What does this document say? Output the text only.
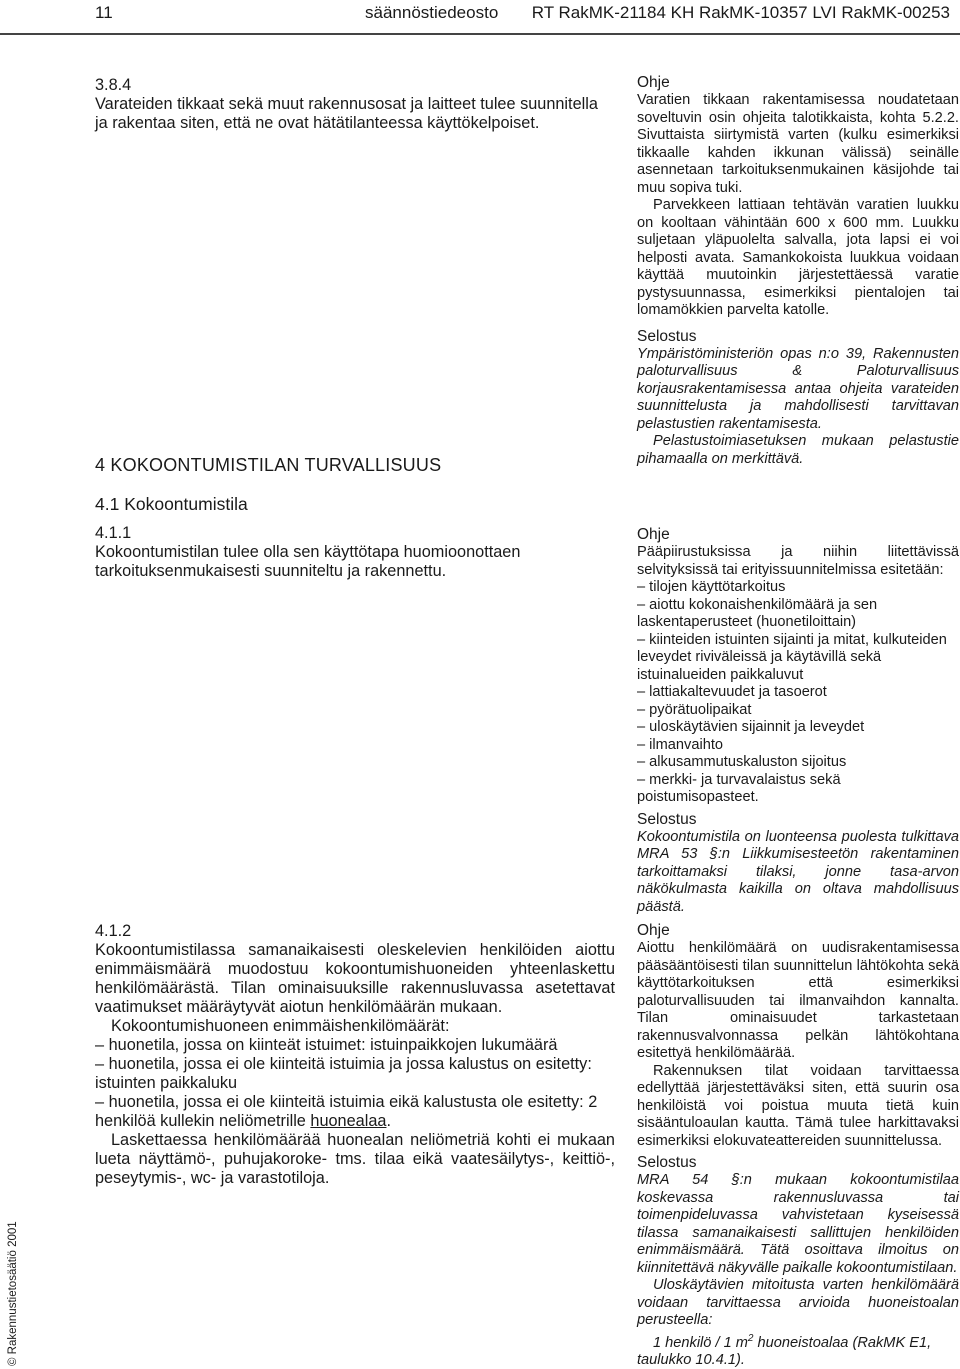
11	säännöstiedeosto RT RakMK-21184 KH RakMK-10357 LVI RakMK-00253
© Rakennustietosäätiö 2001

3.8.4

Varateiden tikkaat sekä muut rakennusosat ja laitteet tulee suunnitella ja rakentaa siten, että ne ovat hätätilanteessa käyttökelpoiset.

4 KOKOONTUMISTILAN TURVALLISUUS
4.1 Kokoontumistila

4.1.1

Kokoontumistilan tulee olla sen käyttötapa huomioonottaen tarkoituksenmukaisesti suunniteltu ja rakennettu.

4.1.2

Kokoontumistilassa samanaikaisesti oleskelevien henkilöiden aiottu enimmäismäärä muodostuu kokoontumishuoneiden yhteenlaskettu henkilömäärästä. Tilan ominaisuuksille rakennusluvassa asetettavat vaatimukset määräytyvät aiotun henkilömäärän mukaan.

Kokoontumishuoneen enimmäishenkilömäärät:

– huonetila, jossa on kiinteät istuimet: istuinpaikkojen lukumäärä

– huonetila, jossa ei ole kiinteitä istuimia ja jossa kalustus on esitetty: istuinten paikkaluku

– huonetila, jossa ei ole kiinteitä istuimia eikä kalustusta ole esitetty: 2 henkilöä kullekin neliömetrille huonealaa.

Laskettaessa henkilömäärää huonealan neliömetriä kohti ei mukaan lueta näyttämö-, puhujakoroke- tms. tilaa eikä vaatesäilytys-, keittiö-, peseytymis-, wc- ja varastotiloja.

Ohje

Varatien tikkaan rakentamisessa noudatetaan soveltuvin osin ohjeita talotikkaista, kohta 5.2.2. Sivuttaista siirtymistä varten (kulku esimerkiksi tikkaalle kahden ikkunan välissä) seinälle asennetaan tarkoituksenmukainen käsijohde tai muu sopiva tuki.

Parvekkeen lattiaan tehtävän varatien luukku on kooltaan vähintään 600 x 600 mm. Luukku suljetaan yläpuolelta salvalla, jota lapsi ei voi helposti avata. Samankokoista luukkua voidaan käyttää muutoinkin järjestettäessä varatie pystysuunnassa, esimerkiksi pientalojen tai lomamökkien parvelta katolle.

Selostus

Ympäristöministeriön opas n:o 39, Rakennusten paloturvallisuus & Paloturvallisuus korjausrakentamisessa antaa ohjeita varateiden suunnittelusta ja mahdollisesti tarvittavan pelastustien rakentamisesta.

Pelastustoimiasetuksen mukaan pelastustie pihamaalla on merkittävä.

Ohje

Pääpiirustuksissa ja niihin liitettävissä selvityksissä tai erityissuunnitelmissa esitetään:

– tilojen käyttötarkoitus

– aiottu kokonaishenkilömäärä ja sen laskentaperusteet (huonetiloittain)

– kiinteiden istuinten sijainti ja mitat, kulkuteiden leveydet riviväleissä ja käytävillä sekä istuinaluеiden paikkaluvut

– lattiakaltevuudet ja tasoerot

– pyörätuolipaikat

– uloskäytävien sijainnit ja leveydet

– ilmanvaihto

– alkusammutuskaluston sijoitus

– merkki- ja turvavalaistus sekä poistumisopasteet.

Selostus

Kokoontumistila on luonteensa puolesta tulkittava MRA 53 §:n Liikkumisesteetön rakentaminen tarkoittamaksi tilaksi, jonne tasa-arvon näkökulmasta kaikilla on oltava mahdollisuus päästä.

Ohje

Aiottu henkilömäärä on uudisrakentamisessa pääsääntöisesti tilan suunnittelun lähtökohta sekä käyttötarkoituksen että esimerkiksi paloturvallisuuden tai ilmanvaihdon kannalta. Tilan ominaisuudet tarkastetaan rakennusvalvonnassa pelkän lähtökohtana esitettyä henkilömäärää.

Rakennuksen tilat voidaan tarvittaessa edellyttää järjestettäväksi siten, että suurin osa henkilöistä voi poistua muuta tietä kuin sisääntuloaulan kautta. Tämä tulee harkittavaksi esimerkiksi elokuvateattereiden suunnittelussa.

Selostus

MRA 54 §:n mukaan kokoontumistilaa koskevassa rakennusluvassa tai toimenpideluvassa vahvistetaan kyseisessä tilassa samanaikaisesti sallittujen henkilöiden enimmäismäärä. Tätä osoittava ilmoitus on kiinnitettävä näkyvälle paikalle kokoontumistilaan.

Uloskäytävien mitoitusta varten henkilömäärä voidaan tarvittaessa arvioida huoneistoalan perusteella:

1 henkilö / 1 $m^2$ huoneistoalaa (RakMK E1, taulukko 10.4.1).
